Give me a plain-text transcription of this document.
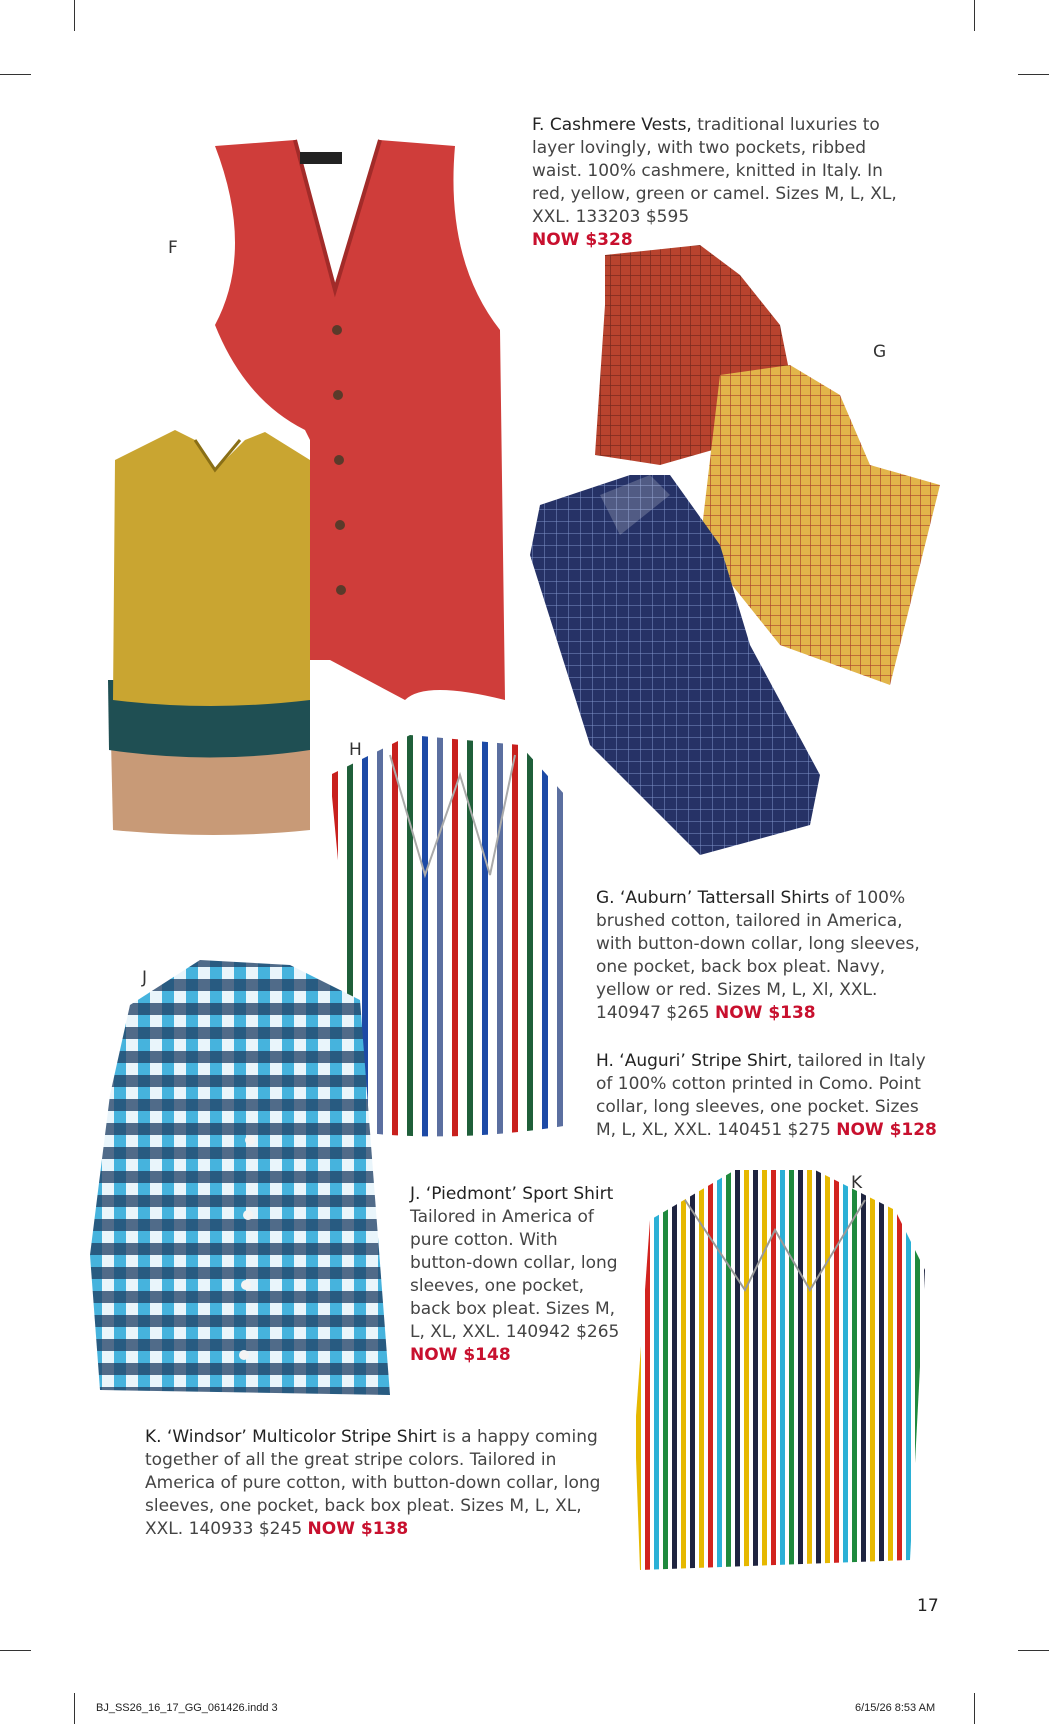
F
G
H
J
K
F. Cashmere Vests, traditional luxuries to layer lovingly, with two pockets, ribbed waist. 100% cashmere, knitted in Italy. In red, yellow, green or camel. Sizes M, L, XL, XXL. 133203 $595
NOW $328
G. ‘Auburn’ Tattersall Shirts of 100% brushed cotton, tailored in America, with button-down collar, long sleeves, one pocket, back box pleat. Navy, yellow or red. Sizes M, L, Xl, XXL. 140947 $265 NOW $138
H. ‘Auguri’ Stripe Shirt, tailored in Italy of 100% cotton printed in Como. Point collar, long sleeves, one pocket. Sizes M, L, XL, XXL. 140451 $275 NOW $128
J. ‘Piedmont’ Sport Shirt Tailored in America of pure cotton. With button-down collar, long sleeves, one pocket, back box pleat. Sizes M, L, XL, XXL. 140942 $265 NOW $148
K. ‘Windsor’ Multicolor Stripe Shirt is a happy coming together of all the great stripe colors. Tailored in America of pure cotton, with button-down collar, long sleeves, one pocket, back box pleat. Sizes M, L, XL, XXL. 140933 $245 NOW $138
17
BJ_SS26_16_17_GG_061426.indd 3	6/15/26 8:53 AM
